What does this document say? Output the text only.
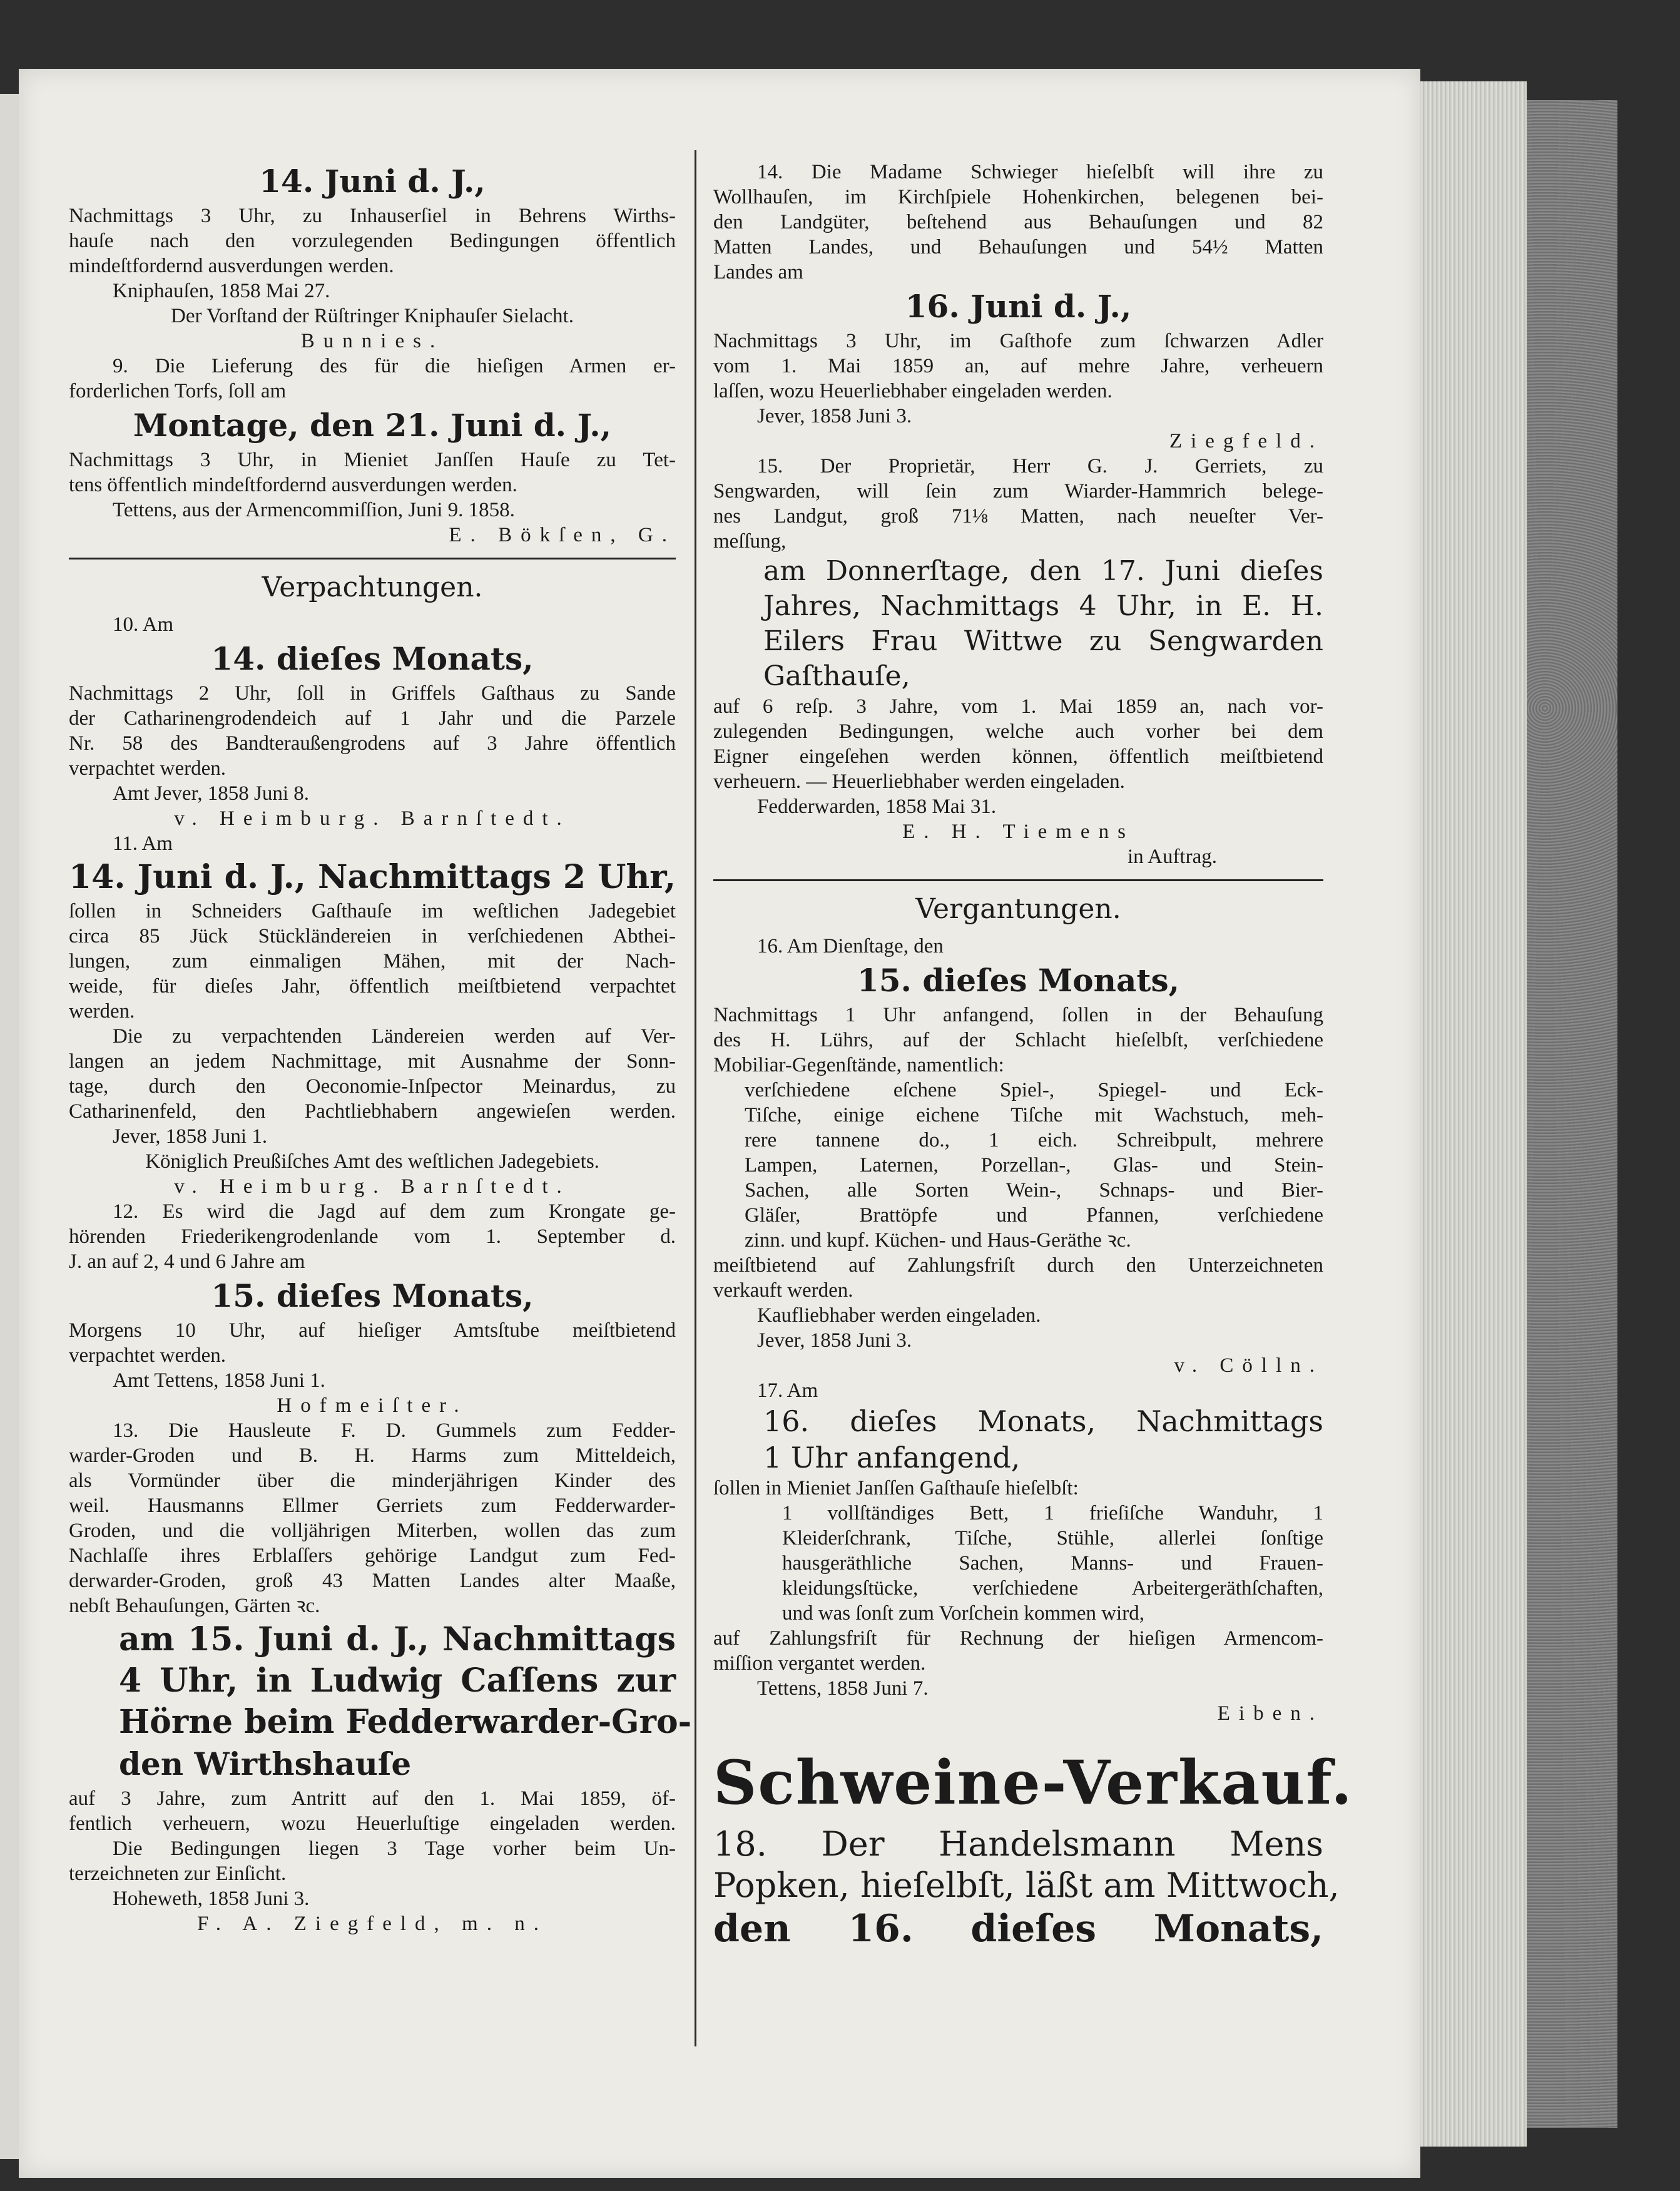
14. Juni d. J.,

Nachmittags 3 Uhr, zu Inhauserſiel in Behrens Wirths-

hauſe nach den vorzulegenden Bedingungen öffentlich

mindeſtfordernd ausverdungen werden.

Kniphauſen, 1858 Mai 27.

Der Vorſtand der Rüſtringer Kniphauſer Sielacht.

Bunnies.

9. Die Lieferung des für die hieſigen Armen er-

forderlichen Torfs, ſoll am

Montage, den 21. Juni d. J.,

Nachmittags 3 Uhr, in Mieniet Janſſen Hauſe zu Tet-

tens öffentlich mindeſtfordernd ausverdungen werden.

Tettens, aus der Armencommiſſion, Juni 9. 1858.

E. Bökſen, G.

Verpachtungen.

10. Am

14. dieſes Monats,

Nachmittags 2 Uhr, ſoll in Griffels Gaſthaus zu Sande

der Catharinengrodendeich auf 1 Jahr und die Parzele

Nr. 58 des Bandteraußengrodens auf 3 Jahre öffentlich

verpachtet werden.

Amt Jever, 1858 Juni 8.

v. Heimburg. Barnſtedt.

11. Am

14. Juni d. J., Nachmittags 2 Uhr,

ſollen in Schneiders Gaſthauſe im weſtlichen Jadegebiet

circa 85 Jück Stückländereien in verſchiedenen Abthei-

lungen, zum einmaligen Mähen, mit der Nach-

weide, für dieſes Jahr, öffentlich meiſtbietend verpachtet

werden.

Die zu verpachtenden Ländereien werden auf Ver-

langen an jedem Nachmittage, mit Ausnahme der Sonn-

tage, durch den Oeconomie-Inſpector Meinardus, zu

Catharinenfeld, den Pachtliebhabern angewieſen werden.

Jever, 1858 Juni 1.

Königlich Preußiſches Amt des weſtlichen Jadegebiets.

v. Heimburg. Barnſtedt.

12. Es wird die Jagd auf dem zum Krongate ge-

hörenden Friederikengrodenlande vom 1. September d.

J. an auf 2, 4 und 6 Jahre am

15. dieſes Monats,

Morgens 10 Uhr, auf hieſiger Amtsſtube meiſtbietend

verpachtet werden.

Amt Tettens, 1858 Juni 1.

Hofmeiſter.

13. Die Hausleute F. D. Gummels zum Fedder-

warder-Groden und B. H. Harms zum Mitteldeich,

als Vormünder über die minderjährigen Kinder des

weil. Hausmanns Ellmer Gerriets zum Fedderwarder-

Groden, und die volljährigen Miterben, wollen das zum

Nachlaſſe ihres Erblaſſers gehörige Landgut zum Fed-

derwarder-Groden, groß 43 Matten Landes alter Maaße,

nebſt Behauſungen, Gärten ꝛc.

am 15. Juni d. J., Nachmittags
4 Uhr, in Ludwig Caſſens zur
Hörne beim Fedderwarder-Gro-
den Wirthshauſe

auf 3 Jahre, zum Antritt auf den 1. Mai 1859, öf-

fentlich verheuern, wozu Heuerluſtige eingeladen werden.

Die Bedingungen liegen 3 Tage vorher beim Un-

terzeichneten zur Einſicht.

Hoheweth, 1858 Juni 3.

F. A. Ziegfeld, m. n.

14. Die Madame Schwieger hieſelbſt will ihre zu

Wollhauſen, im Kirchſpiele Hohenkirchen, belegenen bei-

den Landgüter, beſtehend aus Behauſungen und 82

Matten Landes, und Behauſungen und 54½ Matten

Landes am

16. Juni d. J.,

Nachmittags 3 Uhr, im Gaſthofe zum ſchwarzen Adler

vom 1. Mai 1859 an, auf mehre Jahre, verheuern

laſſen, wozu Heuerliebhaber eingeladen werden.

Jever, 1858 Juni 3.

Ziegfeld.

15. Der Proprietär, Herr G. J. Gerriets, zu

Sengwarden, will ſein zum Wiarder-Hammrich belege-

nes Landgut, groß 71⅛ Matten, nach neueſter Ver-

meſſung,

am Donnerſtage, den 17. Juni dieſes
Jahres, Nachmittags 4 Uhr, in E. H.
Eilers Frau Wittwe zu Sengwarden
Gaſthauſe,

auf 6 reſp. 3 Jahre, vom 1. Mai 1859 an, nach vor-

zulegenden Bedingungen, welche auch vorher bei dem

Eigner eingeſehen werden können, öffentlich meiſtbietend

verheuern. — Heuerliebhaber werden eingeladen.

Fedderwarden, 1858 Mai 31.

E. H. Tiemens

in Auftrag.

Vergantungen.

16. Am Dienſtage, den

15. dieſes Monats,

Nachmittags 1 Uhr anfangend, ſollen in der Behauſung

des H. Lührs, auf der Schlacht hieſelbſt, verſchiedene

Mobiliar-Gegenſtände, namentlich:

verſchiedene eſchene Spiel-, Spiegel- und Eck-

Tiſche, einige eichene Tiſche mit Wachstuch, meh-

rere tannene do., 1 eich. Schreibpult, mehrere

Lampen, Laternen, Porzellan-, Glas- und Stein-

Sachen, alle Sorten Wein-, Schnaps- und Bier-

Gläſer, Brattöpfe und Pfannen, verſchiedene

zinn. und kupf. Küchen- und Haus-Geräthe ꝛc.

meiſtbietend auf Zahlungsfriſt durch den Unterzeichneten

verkauft werden.

Kaufliebhaber werden eingeladen.

Jever, 1858 Juni 3.

v. Cölln.

17. Am

16. dieſes Monats, Nachmittags
1 Uhr anfangend,

ſollen in Mieniet Janſſen Gaſthauſe hieſelbſt:

1 vollſtändiges Bett, 1 frieſiſche Wanduhr, 1

Kleiderſchrank, Tiſche, Stühle, allerlei ſonſtige

hausgeräthliche Sachen, Manns- und Frauen-

kleidungsſtücke, verſchiedene Arbeitergeräthſchaften,

und was ſonſt zum Vorſchein kommen wird,

auf Zahlungsfriſt für Rechnung der hieſigen Armencom-

miſſion vergantet werden.

Tettens, 1858 Juni 7.

Eiben.

Schweine-Verkauf.
18. Der Handelsmann Mens
Popken, hieſelbſt, läßt am Mittwoch,
den 16. dieſes Monats,
